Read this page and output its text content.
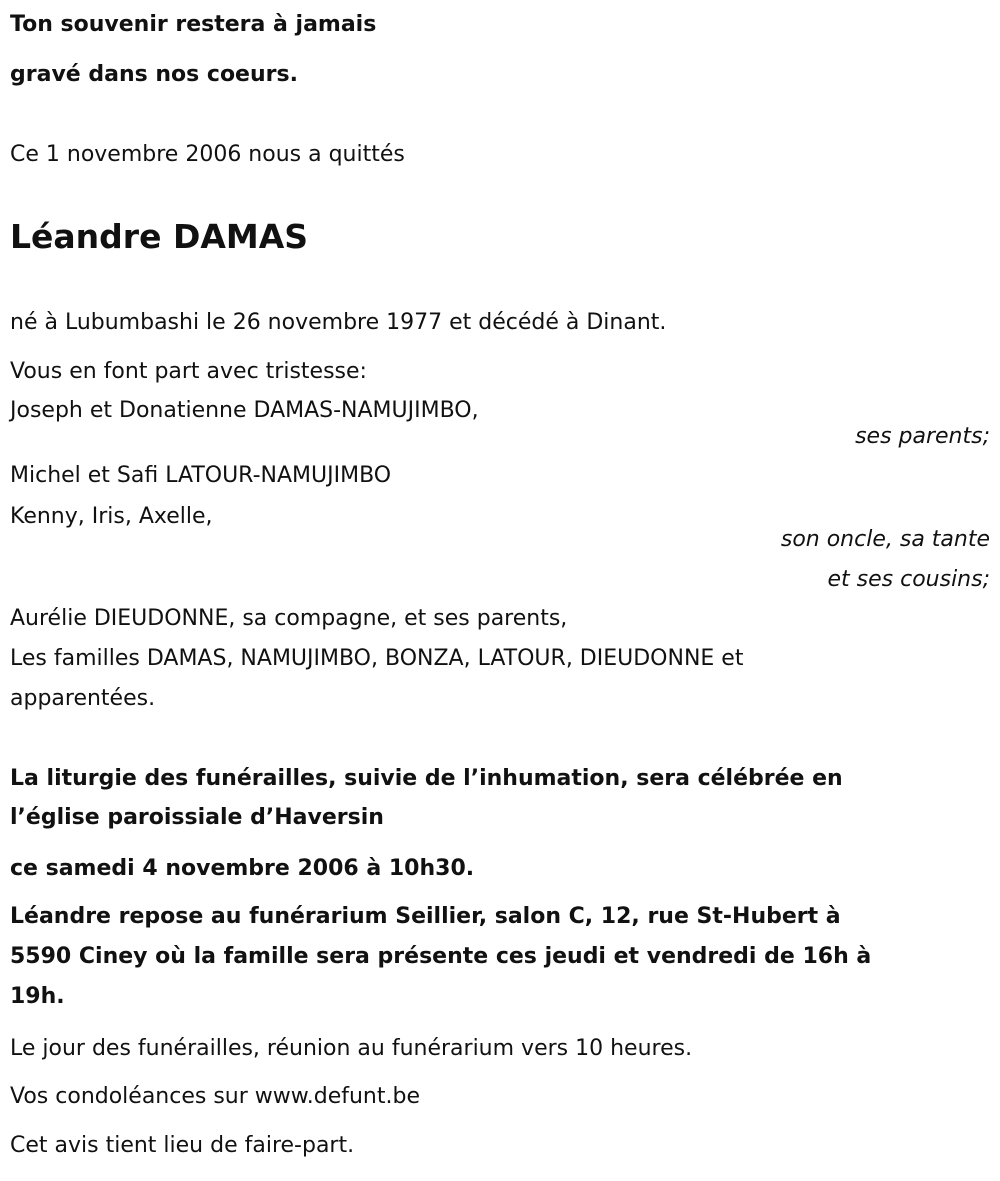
Ton souvenir restera à jamais
gravé dans nos coeurs.
Ce 1 novembre 2006 nous a quittés
Léandre DAMAS
né à Lubumbashi le 26 novembre 1977 et décédé à Dinant.
Vous en font part avec tristesse:
Joseph et Donatienne DAMAS-NAMUJIMBO,
ses parents;
Michel et Safi LATOUR-NAMUJIMBO
Kenny, Iris, Axelle,
son oncle, sa tante
et ses cousins;
Aurélie DIEUDONNE, sa compagne, et ses parents,
Les familles DAMAS, NAMUJIMBO, BONZA, LATOUR, DIEUDONNE et
apparentées.
La liturgie des funérailles, suivie de l’inhumation, sera célébrée en
l’église paroissiale d’Haversin
ce samedi 4 novembre 2006 à 10h30.
Léandre repose au funérarium Seillier, salon C, 12, rue St-Hubert à
5590 Ciney où la famille sera présente ces jeudi et vendredi de 16h à
19h.
Le jour des funérailles, réunion au funérarium vers 10 heures.
Vos condoléances sur www.defunt.be
Cet avis tient lieu de faire-part.
